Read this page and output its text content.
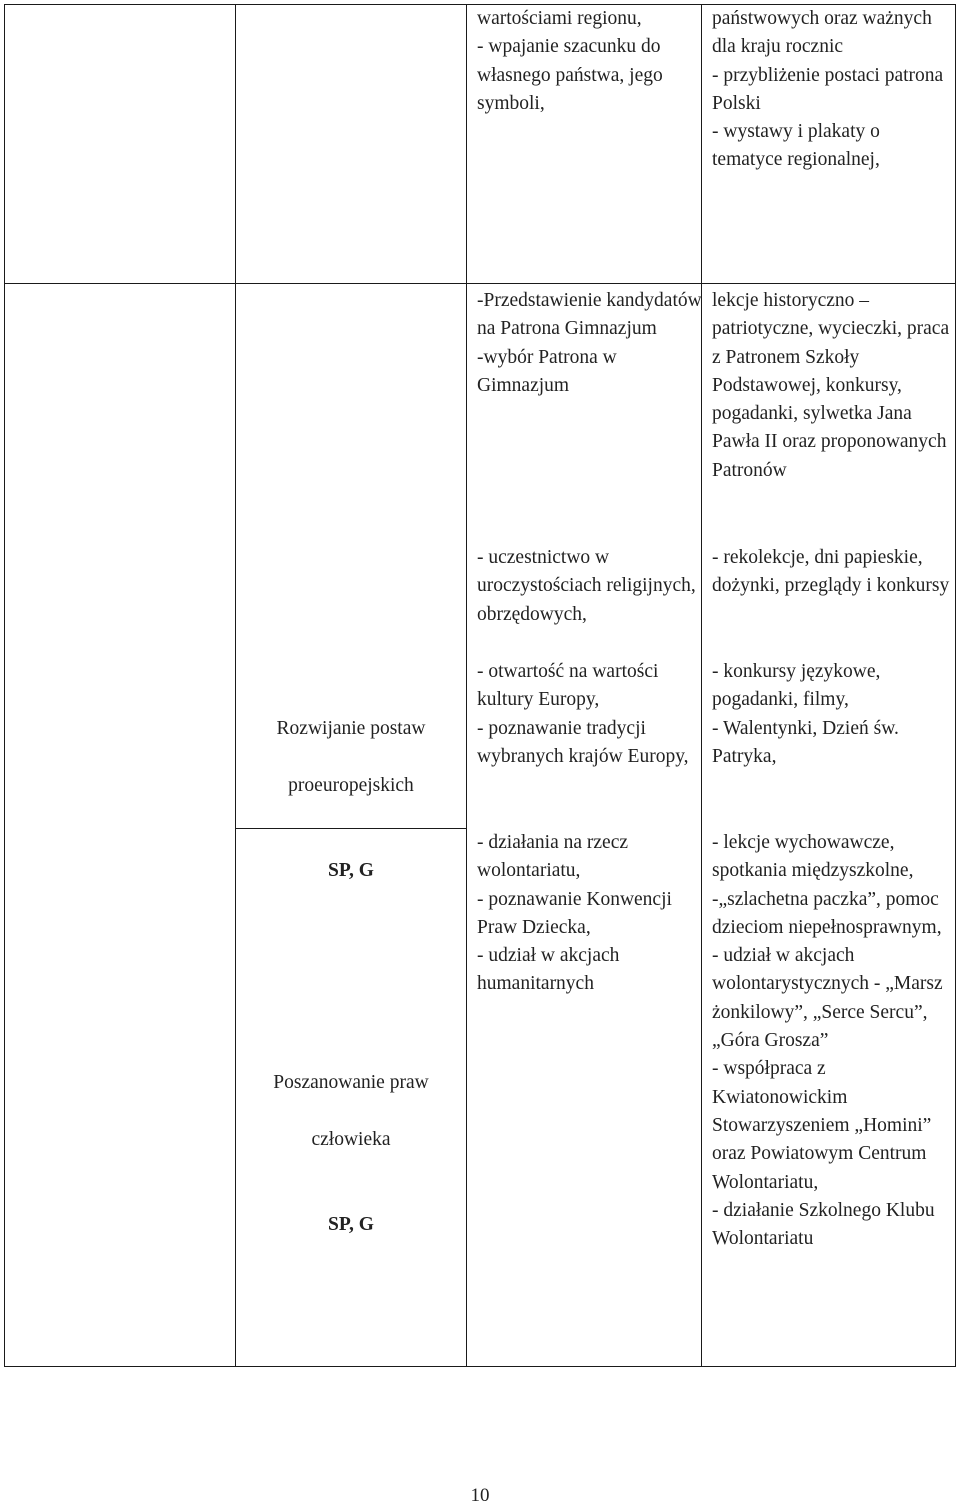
wartościami regionu,
- wpajanie szacunku do własnego państwa, jego symboli,
państwowych oraz ważnych dla kraju rocznic
- przybliżenie postaci patrona Polski
- wystawy i plakaty o tematyce regionalnej,
-Przedstawienie kandydatów na Patrona Gimnazjum
-wybór Patrona w Gimnazjum
lekcje historyczno – patriotyczne, wycieczki, praca z Patronem Szkoły Podstawowej, konkursy, pogadanki, sylwetka Jana Pawła II oraz proponowanych Patronów
- uczestnictwo w uroczystościach religijnych, obrzędowych,
- rekolekcje, dni papieskie, dożynki, przeglądy i konkursy

Rozwijanie postaw

proeuropejskich

SP, G

- otwartość na wartości kultury Europy,
- poznawanie tradycji wybranych krajów Europy,
- konkursy językowe, pogadanki, filmy,
- Walentynki, Dzień św. Patryka,

Poszanowanie praw

człowieka

SP, G

- działania na rzecz wolontariatu,
- poznawanie Konwencji Praw Dziecka,
- udział w akcjach humanitarnych
- lekcje wychowawcze, spotkania międzyszkolne,
-„szlachetna paczka”, pomoc dzieciom niepełnosprawnym,
- udział w akcjach wolontarystycznych - „Marsz żonkilowy”, „Serce Sercu”, „Góra Grosza”
- współpraca z Kwiatonowickim Stowarzyszeniem „Homini” oraz Powiatowym Centrum Wolontariatu,
- działanie Szkolnego Klubu Wolontariatu
10
